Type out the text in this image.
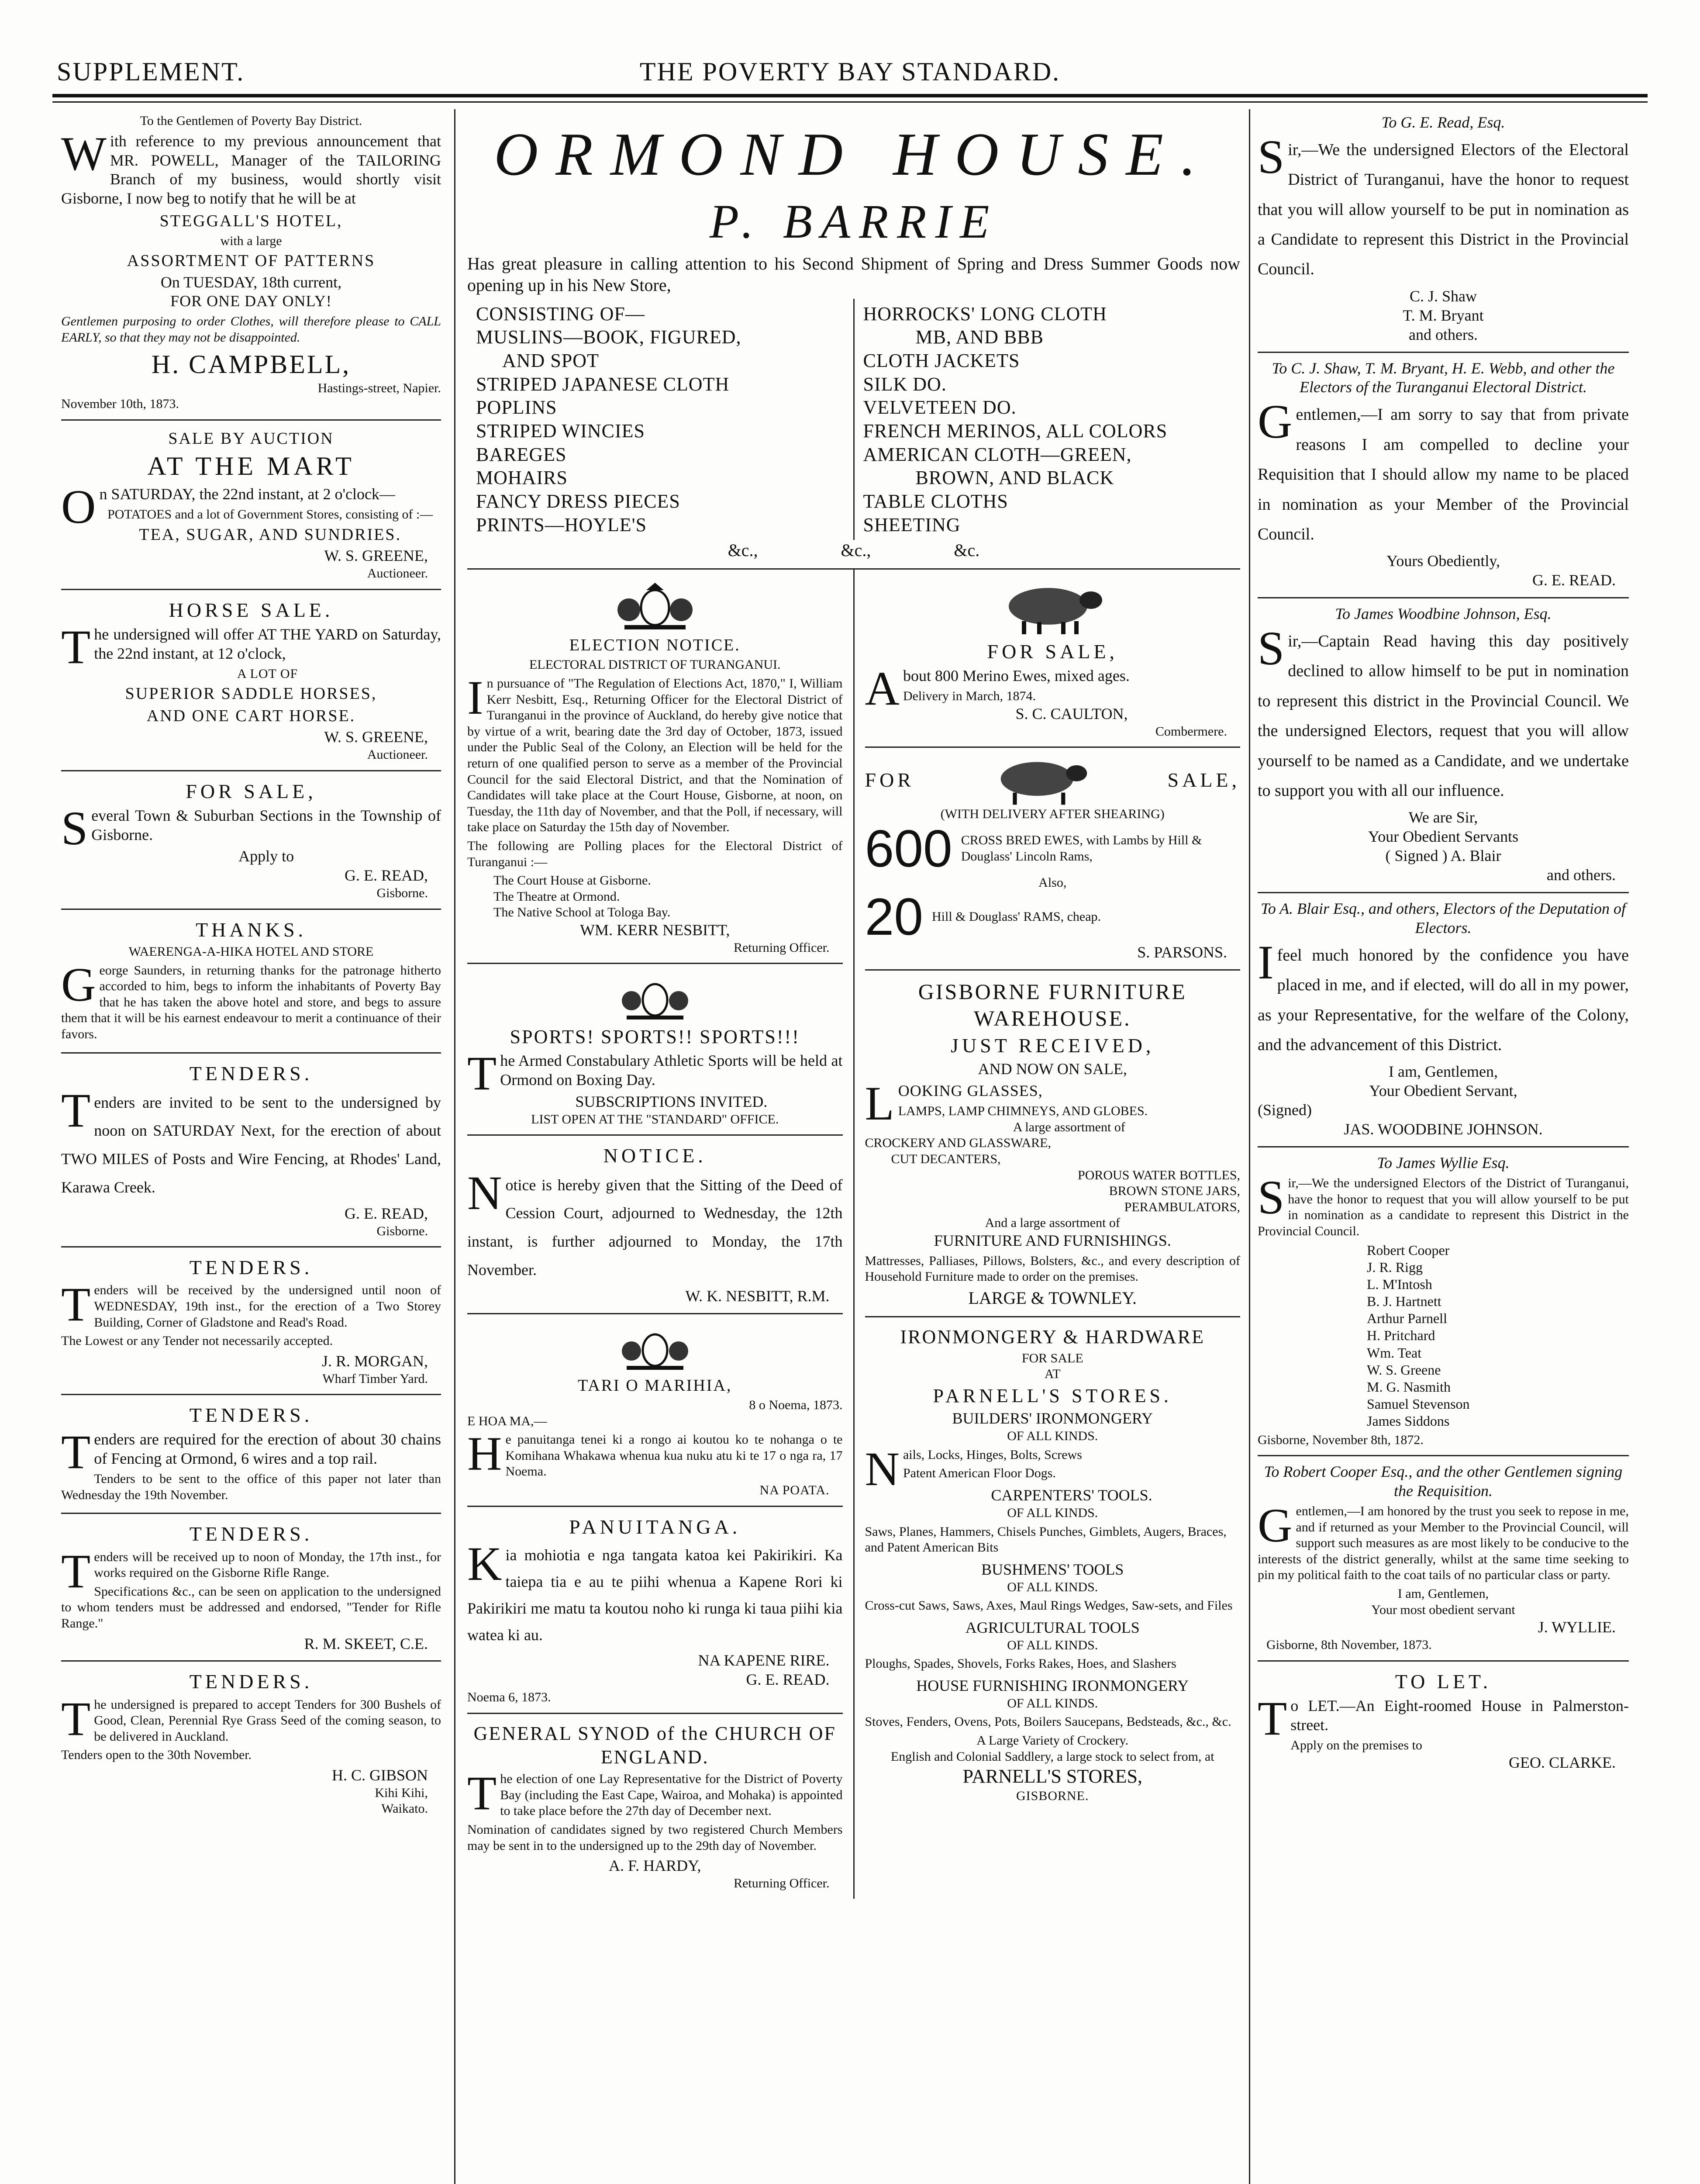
SUPPLEMENT.	THE POVERTY BAY STANDARD.
To the Gentlemen of Poverty Bay District.

With reference to my previous announcement that MR. POWELL, Manager of the TAILORING Branch of my business, would shortly visit Gisborne, I now beg to notify that he will be at

STEGGALL'S HOTEL,
with a large
ASSORTMENT OF PATTERNS
On TUESDAY, 18th current,
FOR ONE DAY ONLY!

Gentlemen purposing to order Clothes, will therefore please to CALL EARLY, so that they may not be disappointed.

H. CAMPBELL,
Hastings-street, Napier.
November 10th, 1873.
SALE BY AUCTION
AT THE MART

On SATURDAY, the 22nd instant, at 2 o'clock—

POTATOES and a lot of Government Stores, consisting of :—
TEA, SUGAR, AND SUNDRIES.
W. S. GREENE,
Auctioneer.
HORSE SALE.

The undersigned will offer AT THE YARD on Saturday, the 22nd instant, at 12 o'clock,

A LOT OF
SUPERIOR SADDLE HORSES,
AND ONE CART HORSE.
W. S. GREENE,
Auctioneer.
FOR SALE,

Several Town & Suburban Sections in the Township of Gisborne.

Apply to
G. E. READ,
Gisborne.
THANKS.
WAERENGA-A-HIKA HOTEL AND STORE

George Saunders, in returning thanks for the patronage hitherto accorded to him, begs to inform the inhabitants of Poverty Bay that he has taken the above hotel and store, and begs to assure them that it will be his earnest endeavour to merit a continuance of their favors.

TENDERS.

Tenders are invited to be sent to the undersigned by noon on SATURDAY Next, for the erection of about TWO MILES of Posts and Wire Fencing, at Rhodes' Land, Karawa Creek.

G. E. READ,
Gisborne.
TENDERS.

Tenders will be received by the undersigned until noon of WEDNESDAY, 19th inst., for the erection of a Two Storey Building, Corner of Gladstone and Read's Road.

The Lowest or any Tender not necessarily accepted.

J. R. MORGAN,
Wharf Timber Yard.
TENDERS.

Tenders are required for the erection of about 30 chains of Fencing at Ormond, 6 wires and a top rail.

Tenders to be sent to the office of this paper not later than Wednesday the 19th November.

TENDERS.

Tenders will be received up to noon of Monday, the 17th inst., for works required on the Gisborne Rifle Range.

Specifications &c., can be seen on application to the undersigned to whom tenders must be addressed and endorsed, "Tender for Rifle Range."

R. M. SKEET, C.E.
TENDERS.

The undersigned is prepared to accept Tenders for 300 Bushels of Good, Clean, Perennial Rye Grass Seed of the coming season, to be delivered in Auckland.

Tenders open to the 30th November.

H. C. GIBSON
Kihi Kihi,
Waikato.
ORMOND HOUSE.
P. BARRIE

Has great pleasure in calling attention to his Second Shipment of Spring and Dress Summer Goods now opening up in his New Store,

CONSISTING OF—
MUSLINS—BOOK, FIGURED,
AND SPOT
STRIPED JAPANESE CLOTH
POPLINS
STRIPED WINCIES
BAREGES
MOHAIRS
FANCY DRESS PIECES
PRINTS—HOYLE'S
HORROCKS' LONG CLOTH
MB, AND BBB
CLOTH JACKETS
SILK DO.
VELVETEEN DO.
FRENCH MERINOS, ALL COLORS
AMERICAN CLOTH—GREEN,
BROWN, AND BLACK
TABLE CLOTHS
SHEETING
&c., &c., &c.
ELECTION NOTICE.
ELECTORAL DISTRICT OF TURANGANUI.

In pursuance of "The Regulation of Elections Act, 1870," I, William Kerr Nesbitt, Esq., Returning Officer for the Electoral District of Turanganui in the province of Auckland, do hereby give notice that by virtue of a writ, bearing date the 3rd day of October, 1873, issued under the Public Seal of the Colony, an Election will be held for the return of one qualified person to serve as a member of the Provincial Council for the said Electoral District, and that the Nomination of Candidates will take place at the Court House, Gisborne, at noon, on Tuesday, the 11th day of November, and that the Poll, if necessary, will take place on Saturday the 15th day of November.

The following are Polling places for the Electoral District of Turanganui :—

The Court House at Gisborne.
The Theatre at Ormond.
The Native School at Tologa Bay.
WM. KERR NESBITT,
Returning Officer.
SPORTS! SPORTS!! SPORTS!!!

The Armed Constabulary Athletic Sports will be held at Ormond on Boxing Day.

SUBSCRIPTIONS INVITED.
LIST OPEN AT THE "STANDARD" OFFICE.
NOTICE.

Notice is hereby given that the Sitting of the Deed of Cession Court, adjourned to Wednesday, the 12th instant, is further adjourned to Monday, the 17th November.

W. K. NESBITT, R.M.
TARI O MARIHIA,
8 o Noema, 1873.
E HOA MA,—

He panuitanga tenei ki a rongo ai koutou ko te nohanga o te Komihana Whakawa whenua kua nuku atu ki te 17 o nga ra, 17 Noema.

NA POATA.
PANUITANGA.

Kia mohiotia e nga tangata katoa kei Pakirikiri. Ka taiepa tia e au te piihi whenua a Kapene Rori ki Pakirikiri me matu ta koutou noho ki runga ki taua piihi kia watea ki au.

NA KAPENE RIRE.
G. E. READ.
Noema 6, 1873.
GENERAL SYNOD of the CHURCH OF ENGLAND.

The election of one Lay Representative for the District of Poverty Bay (including the East Cape, Wairoa, and Mohaka) is appointed to take place before the 27th day of December next.

Nomination of candidates signed by two registered Church Members may be sent in to the undersigned up to the 29th day of November.

A. F. HARDY,
Returning Officer.
FOR SALE,

About 800 Merino Ewes, mixed ages.

Delivery in March, 1874.
S. C. CAULTON,
Combermere.
FOR	SALE,
(WITH DELIVERY AFTER SHEARING)
600 CROSS BRED EWES, with Lambs by Hill & Douglass' Lincoln Rams,
Also,
20 Hill & Douglass' RAMS, cheap.
S. PARSONS.
GISBORNE FURNITURE WAREHOUSE.
JUST RECEIVED,
AND NOW ON SALE,

LOOKING GLASSES,

LAMPS, LAMP CHIMNEYS, AND GLOBES.
A large assortment of
CROCKERY AND GLASSWARE,
CUT DECANTERS,
POROUS WATER BOTTLES,
BROWN STONE JARS,
PERAMBULATORS,
And a large assortment of
FURNITURE AND FURNISHINGS.

Mattresses, Palliases, Pillows, Bolsters, &c., and every description of Household Furniture made to order on the premises.

LARGE & TOWNLEY.
IRONMONGERY & HARDWARE
FOR SALE
AT
PARNELL'S STORES.
BUILDERS' IRONMONGERY
OF ALL KINDS.

Nails, Locks, Hinges, Bolts, Screws

Patent American Floor Dogs.
CARPENTERS' TOOLS.
OF ALL KINDS.

Saws, Planes, Hammers, Chisels Punches, Gimblets, Augers, Braces, and Patent American Bits

BUSHMENS' TOOLS
OF ALL KINDS.

Cross-cut Saws, Saws, Axes, Maul Rings Wedges, Saw-sets, and Files

AGRICULTURAL TOOLS
OF ALL KINDS.

Ploughs, Spades, Shovels, Forks Rakes, Hoes, and Slashers

HOUSE FURNISHING IRONMONGERY
OF ALL KINDS.

Stoves, Fenders, Ovens, Pots, Boilers Saucepans, Bedsteads, &c., &c.

A Large Variety of Crockery.
English and Colonial Saddlery, a large stock to select from, at
PARNELL'S STORES,
GISBORNE.
To G. E. Read, Esq.

Sir,—We the undersigned Electors of the Electoral District of Turanganui, have the honor to request that you will allow yourself to be put in nomination as a Candidate to represent this District in the Provincial Council.

C. J. Shaw
T. M. Bryant
and others.
To C. J. Shaw, T. M. Bryant, H. E. Webb, and other the Electors of the Turanganui Electoral District.

Gentlemen,—I am sorry to say that from private reasons I am compelled to decline your Requisition that I should allow my name to be placed in nomination as your Member of the Provincial Council.

Yours Obediently,
G. E. READ.
To James Woodbine Johnson, Esq.

Sir,—Captain Read having this day positively declined to allow himself to be put in nomination to represent this district in the Provincial Council. We the undersigned Electors, request that you will allow yourself to be named as a Candidate, and we undertake to support you with all our influence.

We are Sir,
Your Obedient Servants
( Signed ) A. Blair
and others.
To A. Blair Esq., and others, Electors of the Deputation of Electors.

Ifeel much honored by the confidence you have placed in me, and if elected, will do all in my power, as your Representative, for the welfare of the Colony, and the advancement of this District.

I am, Gentlemen,
Your Obedient Servant,
(Signed)
JAS. WOODBINE JOHNSON.
To James Wyllie Esq.

Sir,—We the undersigned Electors of the District of Turanganui, have the honor to request that you will allow yourself to be put in nomination as a candidate to represent this District in the Provincial Council.

Robert Cooper
J. R. Rigg
L. M'Intosh
B. J. Hartnett
Arthur Parnell
H. Pritchard
Wm. Teat
W. S. Greene
M. G. Nasmith
Samuel Stevenson
James Siddons
Gisborne, November 8th, 1872.
To Robert Cooper Esq., and the other Gentlemen signing the Requisition.

Gentlemen,—I am honored by the trust you seek to repose in me, and if returned as your Member to the Provincial Council, will support such measures as are most likely to be conducive to the interests of the district generally, whilst at the same time seeking to pin my political faith to the coat tails of no particular class or party.

I am, Gentlemen,
Your most obedient servant
J. WYLLIE.
Gisborne, 8th November, 1873.
TO LET.

To LET.—An Eight-roomed House in Palmerston-street.

Apply on the premises to
GEO. CLARKE.
